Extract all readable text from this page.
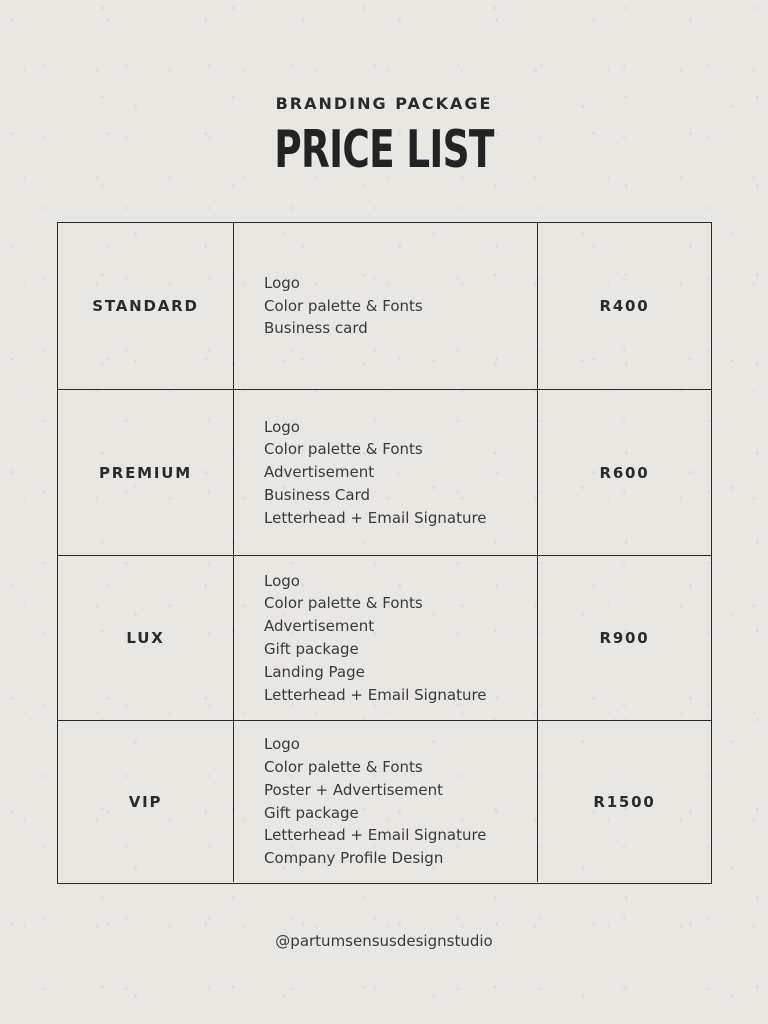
BRANDING PACKAGE
PRICE LIST
STANDARD
Logo
Color palette & Fonts
Business card
R400
PREMIUM
Logo
Color palette & Fonts
Advertisement
Business Card
Letterhead + Email Signature
R600
LUX
Logo
Color palette & Fonts
Advertisement
Gift package
Landing Page
Letterhead + Email Signature
R900
VIP
Logo
Color palette & Fonts
Poster + Advertisement
Gift package
Letterhead + Email Signature
Company Profile Design
R1500
@partumsensusdesignstudio
